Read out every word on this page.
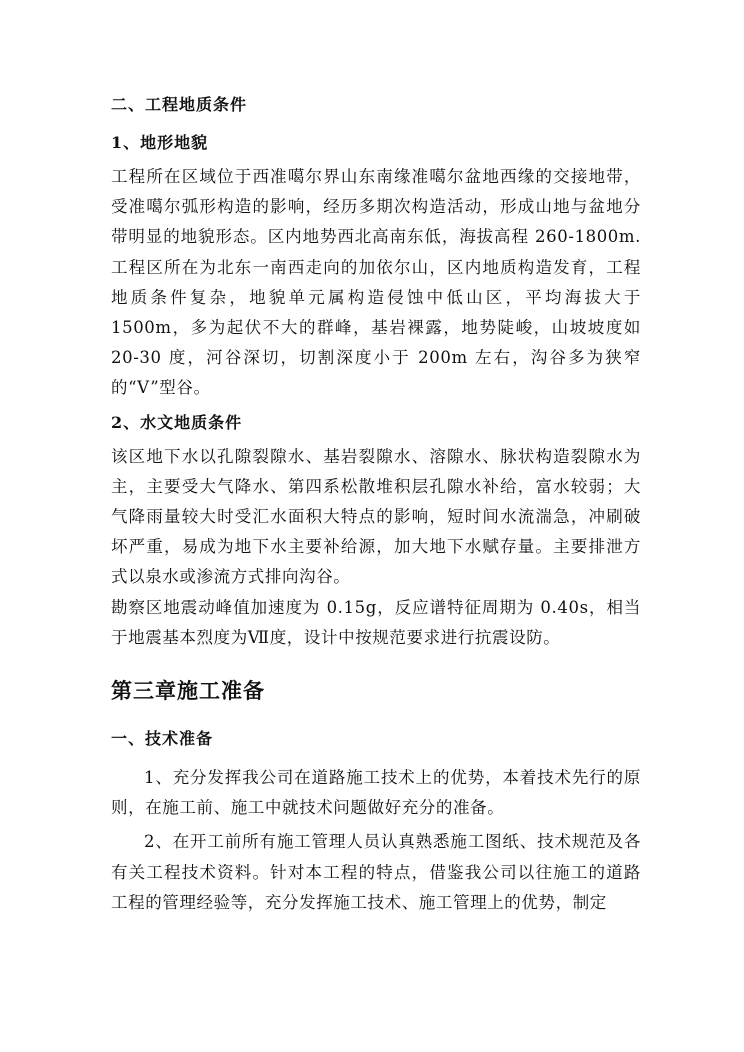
二、工程地质条件

1、地形地貌

工程所在区域位于西准噶尔界山东南缘准噶尔盆地西缘的交接地带，受准噶尔弧形构造的影响，经历多期次构造活动，形成山地与盆地分带明显的地貌形态。区内地势西北高南东低，海拔高程 260-1800m.工程区所在为北东一南西走向的加依尔山，区内地质构造发育，工程地质条件复杂，地貌单元属构造侵蚀中低山区，平均海拔大于 1500m，多为起伏不大的群峰，基岩裸露，地势陡峻，山坡坡度如 20-30 度，河谷深切，切割深度小于 200m 左右，沟谷多为狭窄的“V”型谷。

2、水文地质条件

该区地下水以孔隙裂隙水、基岩裂隙水、溶隙水、脉状构造裂隙水为主，主要受大气降水、第四系松散堆积层孔隙水补给，富水较弱；大气降雨量较大时受汇水面积大特点的影响，短时间水流湍急，冲刷破坏严重，易成为地下水主要补给源，加大地下水赋存量。主要排泄方式以泉水或渗流方式排向沟谷。

勘察区地震动峰值加速度为 0.15g，反应谱特征周期为 0.40s，相当于地震基本烈度为Ⅶ度，设计中按规范要求进行抗震设防。

第三章施工准备

一、技术准备

1、充分发挥我公司在道路施工技术上的优势，本着技术先行的原则，在施工前、施工中就技术问题做好充分的准备。

2、在开工前所有施工管理人员认真熟悉施工图纸、技术规范及各有关工程技术资料。针对本工程的特点，借鉴我公司以往施工的道路工程的管理经验等，充分发挥施工技术、施工管理上的优势，制定
